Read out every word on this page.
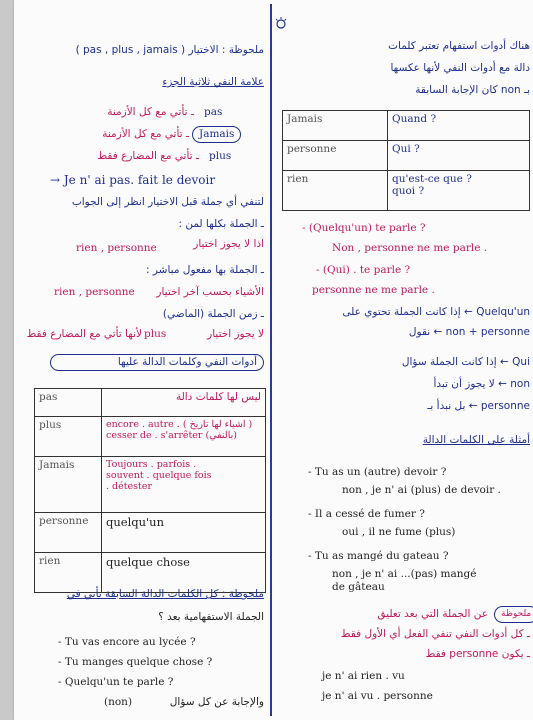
ملحوظة : الاختيار ( pas , plus , jamais )
علامة النفي ثلاثية الجزء
pas
ـ تأتي مع كل الأزمنة
Jamais
ـ تأتي مع كل الأزمنة
plus
ـ تأتي مع المضارع فقط
→ Je n' ai pas. fait le devoir
لتنفي أي جملة قبل الاختيار انظر إلى الجواب
ـ الجملة بكلها لمن :
اذا لا يجوز اختيار
rien , personne
ـ الجملة بها مفعول مباشر :
rien , personne	الأشياء بحسب آخر اختيار
ـ زمن الجملة (الماضي)
لا يجوز اختيار
plus
لأنها تأتي مع المضارع فقط
أدوات النفي وكلمات الدالة عليها
pas	ليس لها كلمات دالة
plus	encore . autre . ( اشياء لها تاريخ )
cesser de . s'arrêter (بالنفي)
Jamais	Toujours . parfois .
souvent . quelque fois
. détester
personne	quelqu'un
rien	quelque chose
ملحوظة : كل الكلمات الدالة السابقة تأتي في
الجملة الاستفهامية بعد ؟
- Tu vas encore au lycée ?
- Tu manges quelque chose ?
- Quelqu'un te parle ?
(non)	والإجابة عن كل سؤال
هناك أدوات استفهام تعتبر كلمات
دالة مع أدوات النفي لأنها عكسها
بـ non كان الإجابة السابقة
Jamais	Quand ?
personne	Qui ?
rien	qu'est-ce que ?
quoi ?
- (Quelqu'un) te parle ?
Non , personne ne me parle .
- (Qui) . te parle ?
personne ne me parle .
Quelqu'un ← إذا كانت الجملة تحتوي على
non + personne ← نقول
Qui ← إذا كانت الجملة سؤال
non ← لا يجوز أن تبدأ
personne ← بل نبدأ بـ
أمثلة على الكلمات الدالة
- Tu as un (autre) devoir ?
non , je n' ai (plus) de devoir .
- Il a cessé de fumer ?
oui , il ne fume (plus)
- Tu as mangé du gateau ?
non , je n' ai ...(pas) mangé
de gâteau
ملحوظة
عن الجملة التي بعد تعليق
ـ كل أدوات النفي تنفي الفعل أي الأول فقط
ـ يكون personne فقط
je n' ai rien . vu
je n' ai vu . personne
